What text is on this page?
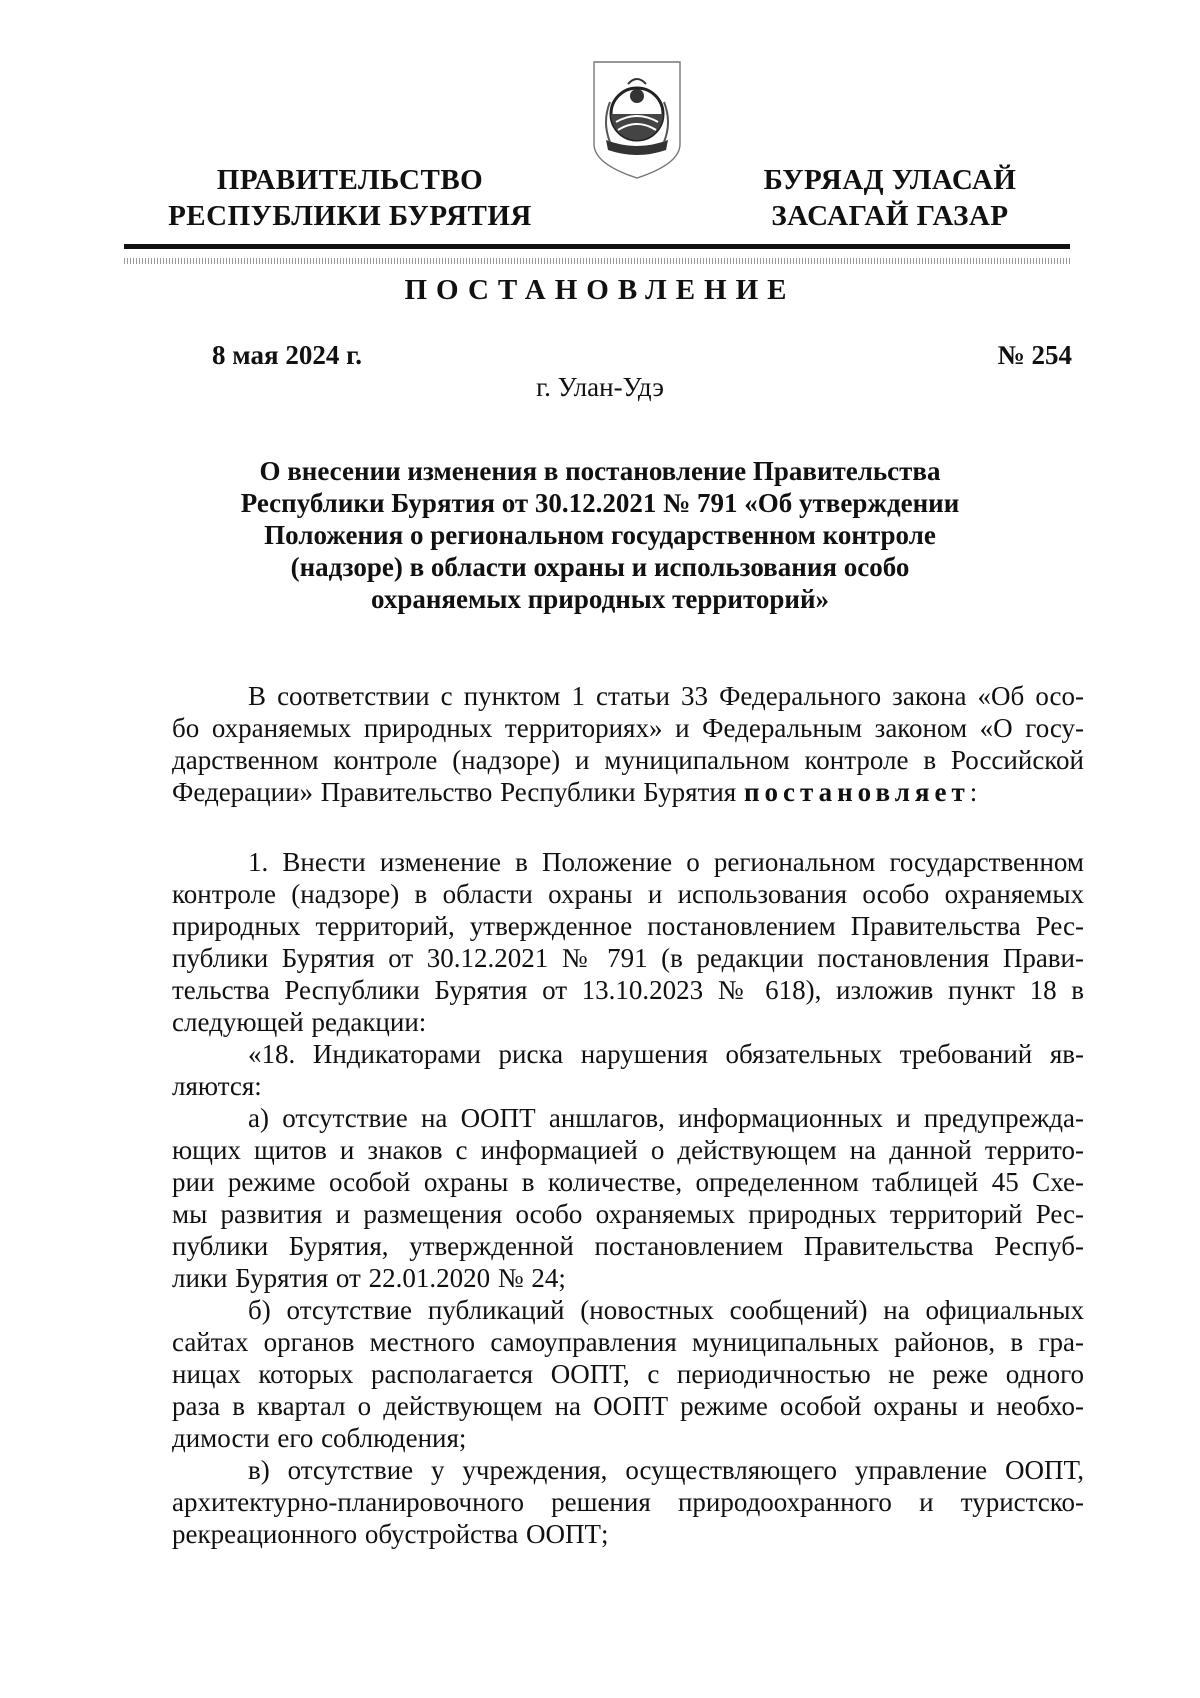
ПРАВИТЕЛЬСТВО
РЕСПУБЛИКИ БУРЯТИЯ
БУРЯАД УЛАСАЙ
ЗАСАГАЙ ГАЗАР
ПОСТАНОВЛЕНИЕ
8 мая 2024 г.	№ 254
г. Улан-Удэ
О внесении изменения в постановление Правительства
Республики Бурятия от 30.12.2021 № 791 «Об утверждении
Положения о региональном государственном контроле
(надзоре) в области охраны и использования особо
охраняемых природных территорий»

В соответствии с пунктом 1 статьи 33 Федерального закона «Об осо-

бо охраняемых природных территориях» и Федеральным законом «О госу-

дарственном контроле (надзоре) и муниципальном контроле в Российской

Федерации» Правительство Республики Бурятия постановляет:

1. Внести изменение в Положение о региональном государственном

контроле (надзоре) в области охраны и использования особо охраняемых

природных территорий, утвержденное постановлением Правительства Рес-

публики Бурятия от 30.12.2021 № 791 (в редакции постановления Прави-

тельства Республики Бурятия от 13.10.2023 № 618), изложив пункт 18 в

следующей редакции:

«18. Индикаторами риска нарушения обязательных требований яв-

ляются:

а) отсутствие на ООПТ аншлагов, информационных и предупрежда-

ющих щитов и знаков с информацией о действующем на данной террито-

рии режиме особой охраны в количестве, определенном таблицей 45 Схе-

мы развития и размещения особо охраняемых природных территорий Рес-

публики Бурятия, утвержденной постановлением Правительства Респуб-

лики Бурятия от 22.01.2020 № 24;

б) отсутствие публикаций (новостных сообщений) на официальных

сайтах органов местного самоуправления муниципальных районов, в гра-

ницах которых располагается ООПТ, с периодичностью не реже одного

раза в квартал о действующем на ООПТ режиме особой охраны и необхо-

димости его соблюдения;

в) отсутствие у учреждения, осуществляющего управление ООПТ,

архитектурно-планировочного решения природоохранного и туристско-

рекреационного обустройства ООПТ;
